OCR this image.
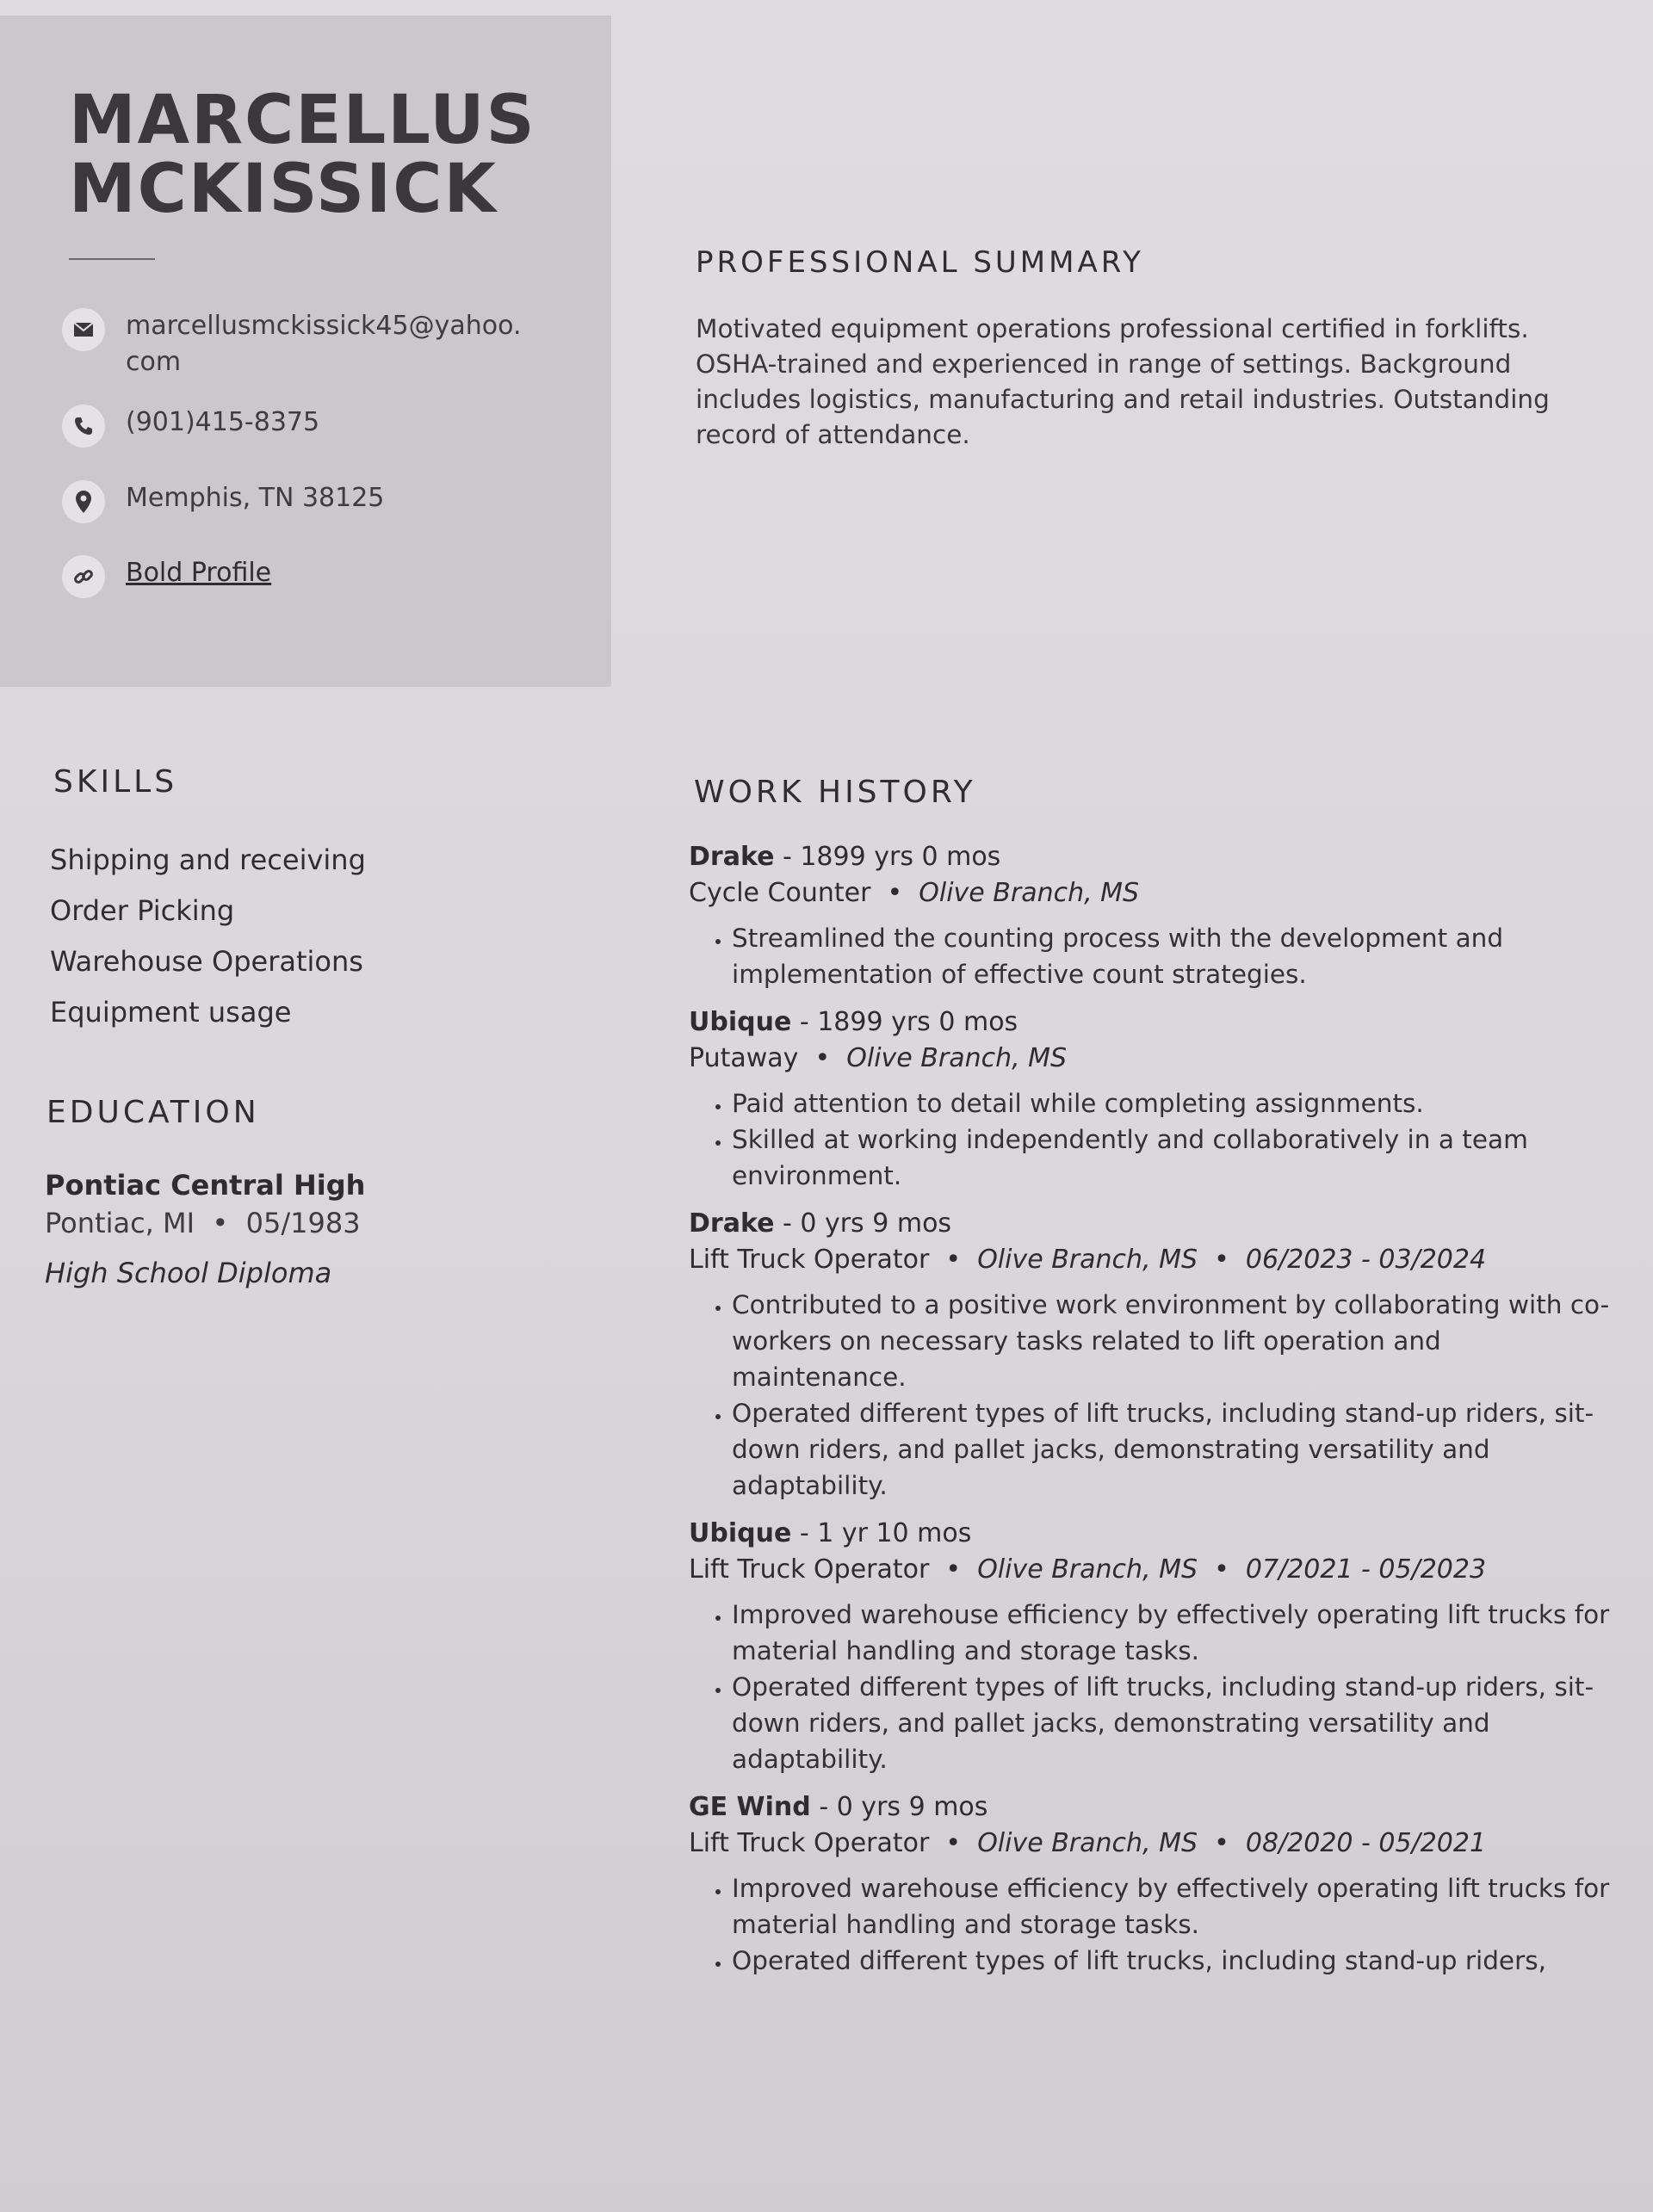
MARCELLUS
MCKISSICK
marcellusmckissick45@yahoo.com
(901)415-8375
Memphis, TN 38125
Bold Profile
SKILLS
Shipping and receiving
Order Picking
Warehouse Operations
Equipment usage
EDUCATION
Pontiac Central High
Pontiac, MI  •  05/1983
High School Diploma
PROFESSIONAL SUMMARY

Motivated equipment operations professional certified in forklifts. OSHA-trained and experienced in range of settings. Background includes logistics, manufacturing and retail industries. Outstanding record of attendance.

WORK HISTORY
Drake - 1899 yrs 0 mos
Cycle Counter  •  Olive Branch, MS
• Streamlined the counting process with the development and implementation of effective count strategies.
Ubique - 1899 yrs 0 mos
Putaway  •  Olive Branch, MS
• Paid attention to detail while completing assignments.
• Skilled at working independently and collaboratively in a team environment.
Drake - 0 yrs 9 mos
Lift Truck Operator  •  Olive Branch, MS  •  06/2023 - 03/2024
• Contributed to a positive work environment by collaborating with co-workers on necessary tasks related to lift operation and maintenance.
• Operated different types of lift trucks, including stand-up riders, sit-down riders, and pallet jacks, demonstrating versatility and adaptability.
Ubique - 1 yr 10 mos
Lift Truck Operator  •  Olive Branch, MS  •  07/2021 - 05/2023
• Improved warehouse efficiency by effectively operating lift trucks for material handling and storage tasks.
• Operated different types of lift trucks, including stand-up riders, sit-down riders, and pallet jacks, demonstrating versatility and adaptability.
GE Wind - 0 yrs 9 mos
Lift Truck Operator  •  Olive Branch, MS  •  08/2020 - 05/2021
• Improved warehouse efficiency by effectively operating lift trucks for material handling and storage tasks.
• Operated different types of lift trucks, including stand-up riders,
